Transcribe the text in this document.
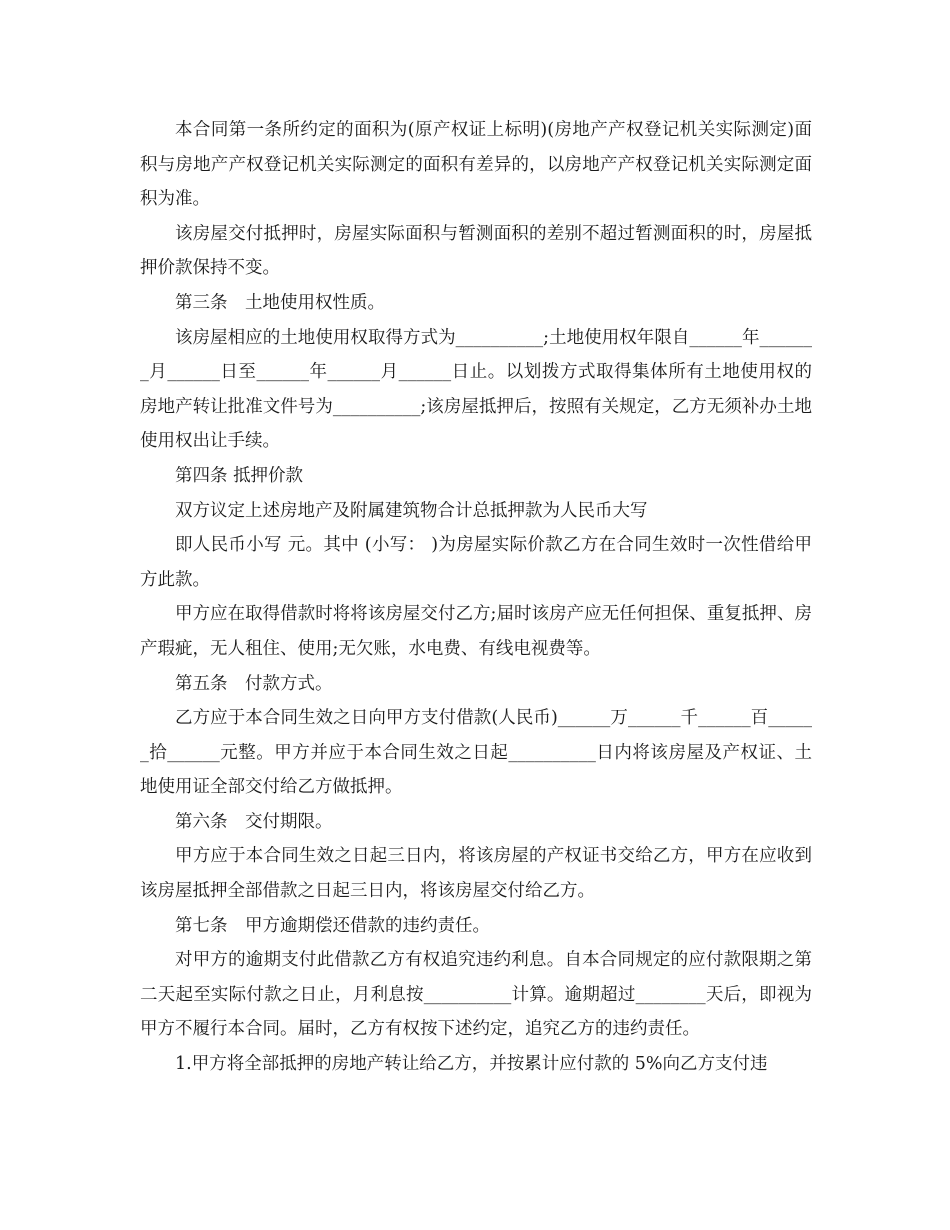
本合同第一条所约定的面积为(原产权证上标明)(房地产产权登记机关实际测定)面积与房地产产权登记机关实际测定的面积有差异的，以房地产产权登记机关实际测定面积为准。

该房屋交付抵押时，房屋实际面积与暂测面积的差别不超过暂测面积的时，房屋抵押价款保持不变。

第三条　土地使用权性质。

该房屋相应的土地使用权取得方式为__________;土地使用权年限自______年_______月______日至______年______月______日止。以划拨方式取得集体所有土地使用权的房地产转让批准文件号为__________;该房屋抵押后，按照有关规定，乙方无须补办土地使用权出让手续。

第四条 抵押价款

双方议定上述房地产及附属建筑物合计总抵押款为人民币大写

即人民币小写 元。其中 (小写： )为房屋实际价款乙方在合同生效时一次性借给甲方此款。

甲方应在取得借款时将将该房屋交付乙方;届时该房产应无任何担保、重复抵押、房产瑕疵，无人租住、使用;无欠账，水电费、有线电视费等。

第五条　付款方式。

乙方应于本合同生效之日向甲方支付借款(人民币)______万______千______百______拾______元整。甲方并应于本合同生效之日起__________日内将该房屋及产权证、土地使用证全部交付给乙方做抵押。

第六条　交付期限。

甲方应于本合同生效之日起三日内，将该房屋的产权证书交给乙方，甲方在应收到该房屋抵押全部借款之日起三日内，将该房屋交付给乙方。

第七条　甲方逾期偿还借款的违约责任。

对甲方的逾期支付此借款乙方有权追究违约利息。自本合同规定的应付款限期之第二天起至实际付款之日止，月利息按__________计算。逾期超过________天后，即视为甲方不履行本合同。届时，乙方有权按下述约定，追究乙方的违约责任。

1.甲方将全部抵押的房地产转让给乙方，并按累计应付款的 5%向乙方支付违
